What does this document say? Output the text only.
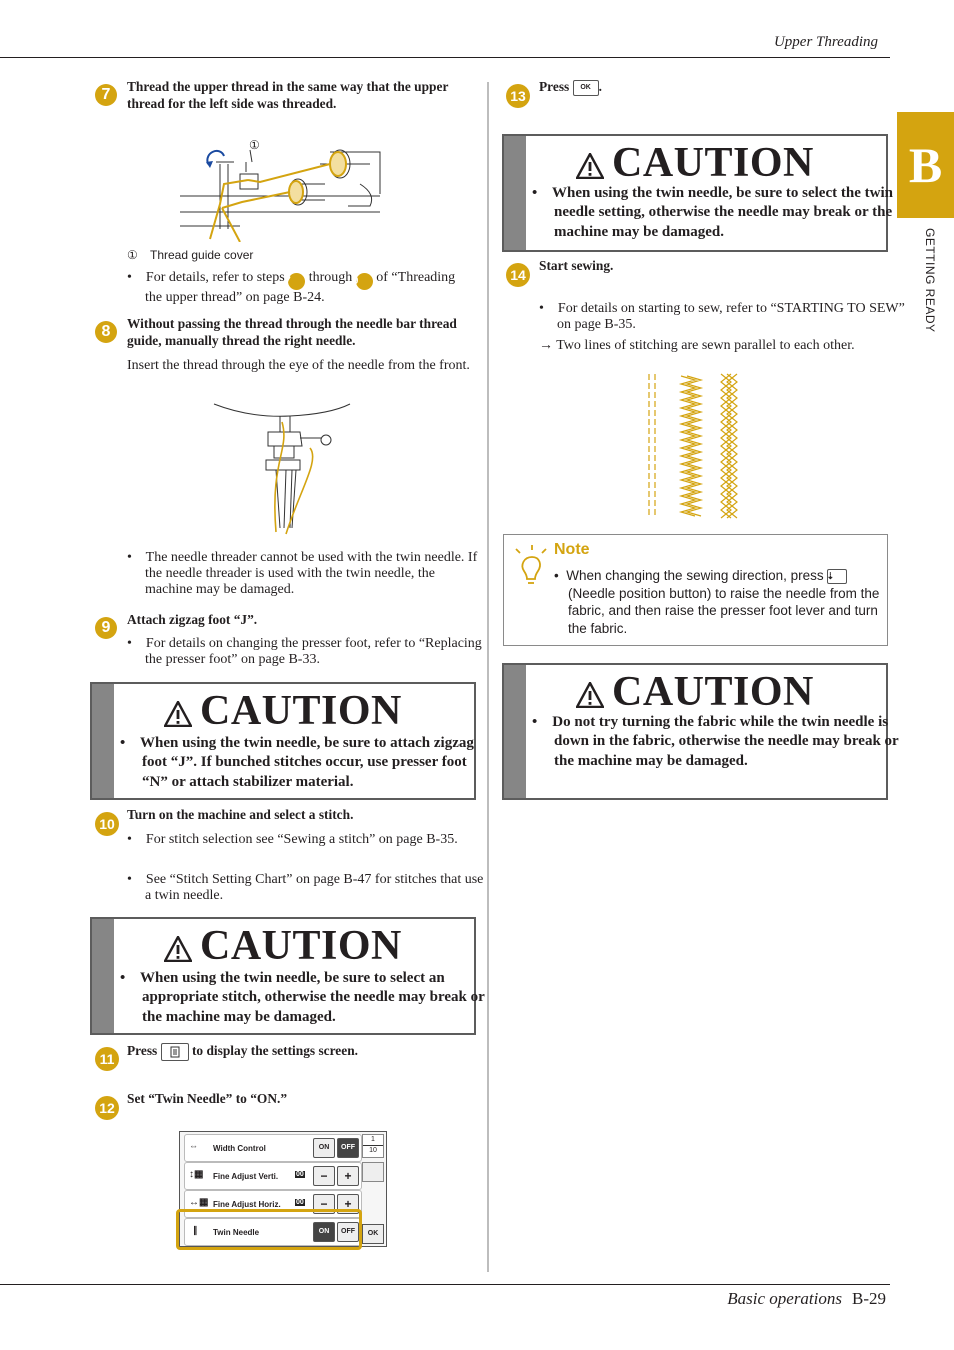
Upper Threading
B
GETTING READY
Basic operations B-29
7	Thread the upper thread in the same way that the upper thread for the left side was threaded.
①
① Thread guide cover
•    For details, refer to steps 7 through 9 of “Threading the upper thread” on page B-24.
8	Without passing the thread through the needle bar thread guide, manually thread the right needle.
Insert the thread through the eye of the needle from the front.
•    The needle threader cannot be used with the twin needle. If the needle threader is used with the twin needle, the machine may be damaged.
9	Attach zigzag foot “J”.
•    For details on changing the presser foot, refer to “Replacing the presser foot” on page B-33.
CAUTION
•    When using the twin needle, be sure to attach zigzag foot “J”. If bunched stitches occur, use presser foot “N” or attach stabilizer material.
10
Turn on the machine and select a stitch.
•    For stitch selection see “Sewing a stitch” on page B-35.
•    See “Stitch Setting Chart” on page B-47 for stitches that use a twin needle.
CAUTION
•    When using the twin needle, be sure to select an appropriate stitch, otherwise the needle may break or the machine may be damaged.
11
Press	to display the settings screen.
12
Set “Twin Needle” to “ON.”
⇔ Width Control	ON	OFF
↕▦ Fine Adjust Verti.	00	−	+
↔▦ Fine Adjust Horiz. 00	−	+
∥ Twin Needle	ON	OFF
1
10
OK
13
Press OK .
CAUTION
•    When using the twin needle, be sure to select the twin needle setting, otherwise the needle may break or the machine may be damaged.
14
Start sewing.
•    For details on starting to sew, refer to “STARTING TO SEW” on page B-35.
→ Two lines of stitching are sewn parallel to each other.
Note
•  When changing the sewing direction, press ⇣ (Needle position button) to raise the needle from the fabric, and then raise the presser foot lever and turn the fabric.
CAUTION
•    Do not try turning the fabric while the twin needle is down in the fabric, otherwise the needle may break or the machine may be damaged.
